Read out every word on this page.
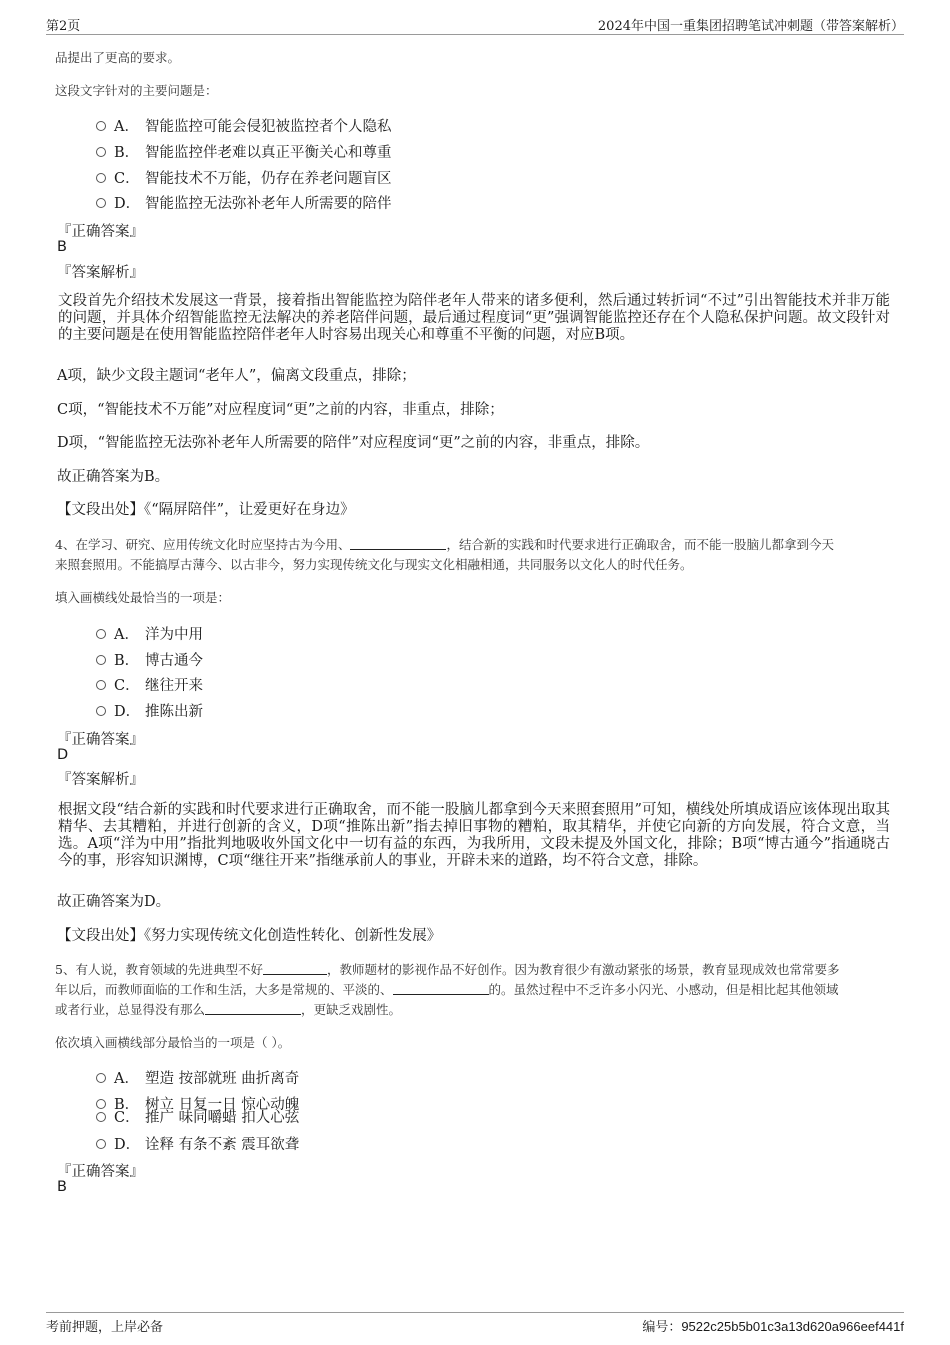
第2页	2024年中国一重集团招聘笔试冲刺题（带答案解析）
品提出了更高的要求。
这段文字针对的主要问题是：
A． 智能监控可能会侵犯被监控者个人隐私
B． 智能监控伴老难以真正平衡关心和尊重
C． 智能技术不万能，仍存在养老问题盲区
D． 智能监控无法弥补老年人所需要的陪伴
『正确答案』
B
『答案解析』
文段首先介绍技术发展这一背景，接着指出智能监控为陪伴老年人带来的诸多便利，然后通过转折词“不过”引出智能技术并非万能的问题，并具体介绍智能监控无法解决的养老陪伴问题，最后通过程度词“更”强调智能监控还存在个人隐私保护问题。故文段针对的主要问题是在使用智能监控陪伴老年人时容易出现关心和尊重不平衡的问题，对应B项。
A项，缺少文段主题词“老年人”，偏离文段重点，排除；
C项，“智能技术不万能”对应程度词“更”之前的内容，非重点，排除；
D项，“智能监控无法弥补老年人所需要的陪伴”对应程度词“更”之前的内容，非重点，排除。
故正确答案为B。
【文段出处】《“隔屏陪伴”，让爱更好在身边》
4、在学习、研究、应用传统文化时应坚持古为今用、	，结合新的实践和时代要求进行正确取舍，而不能一股脑儿都拿到今天
来照套照用。不能搞厚古薄今、以古非今，努力实现传统文化与现实文化相融相通，共同服务以文化人的时代任务。
填入画横线处最恰当的一项是：
A． 洋为中用
B． 博古通今
C． 继往开来
D． 推陈出新
『正确答案』
D
『答案解析』
根据文段“结合新的实践和时代要求进行正确取舍，而不能一股脑儿都拿到今天来照套照用”可知，横线处所填成语应该体现出取其精华、去其糟粕，并进行创新的含义，D项“推陈出新”指去掉旧事物的糟粕，取其精华，并使它向新的方向发展，符合文意，当选。A项“洋为中用”指批判地吸收外国文化中一切有益的东西，为我所用，文段未提及外国文化，排除；B项“博古通今”指通晓古今的事，形容知识渊博，C项“继往开来”指继承前人的事业，开辟未来的道路，均不符合文意，排除。
故正确答案为D。
【文段出处】《努力实现传统文化创造性转化、创新性发展》
5、有人说，教育领域的先进典型不好	，教师题材的影视作品不好创作。因为教育很少有激动紧张的场景，教育显现成效也常常要多
年以后，而教师面临的工作和生活，大多是常规的、平淡的、	的。虽然过程中不乏许多小闪光、小感动，但是相比起其他领域
或者行业，总显得没有那么	，更缺乏戏剧性。
依次填入画横线部分最恰当的一项是（ ）。
A． 塑造 按部就班 曲折离奇
B． 树立 日复一日 惊心动魄
C． 推广 味同嚼蜡 扣人心弦
D． 诠释 有条不紊 震耳欲聋
『正确答案』
B
考前押题，上岸必备	编号：9522c25b5b01c3a13d620a966eef441f
